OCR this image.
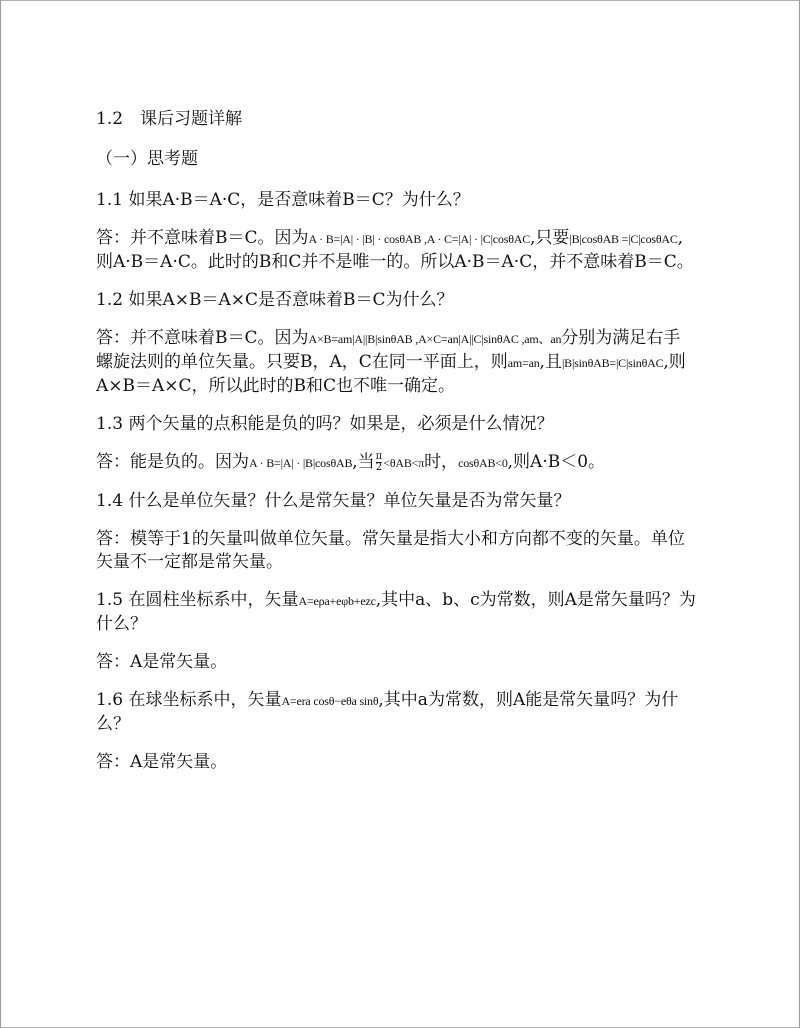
1.2　课后习题详解

（一）思考题

1.1 如果A·B＝A·C，是否意味着B＝C？为什么？

答：并不意味着B＝C。因为A · B=|A| · |B| · cosθAB ,A · C=|A| · |C|cosθAC,只要|B|cosθAB =|C|cosθAC,则A·B＝A·C。此时的B和C并不是唯一的。所以A·B＝A·C，并不意味着B＝C。

1.2 如果A×B＝A×C是否意味着B＝C为什么？

答：并不意味着B＝C。因为A×B=am|A||B|sinθAB ,A×C=an|A||C|sinθAC ,am、an分别为满足右手螺旋法则的单位矢量。只要B，A，C在同一平面上，则am=an,且|B|sinθAB=|C|sinθAC,则A×B＝A×C，所以此时的B和C也不唯一确定。

1.3 两个矢量的点积能是负的吗？如果是，必须是什么情况？

答：能是负的。因为A · B=|A| · |B|cosθAB,当 $\frac{\pi}{2} <\theta AB<\pi$时，cosθAB<0,则A·B＜0。

1.4 什么是单位矢量？什么是常矢量？单位矢量是否为常矢量？

答：模等于1的矢量叫做单位矢量。常矢量是指大小和方向都不变的矢量。单位矢量不一定都是常矢量。

1.5 在圆柱坐标系中，矢量A=eρa+eφb+ezc,其中a、b、c为常数，则A是常矢量吗？为什么？

答：A是常矢量。

1.6 在球坐标系中，矢量A=era cosθ−eθa sinθ,其中a为常数，则A能是常矢量吗？为什么？

答：A是常矢量。
